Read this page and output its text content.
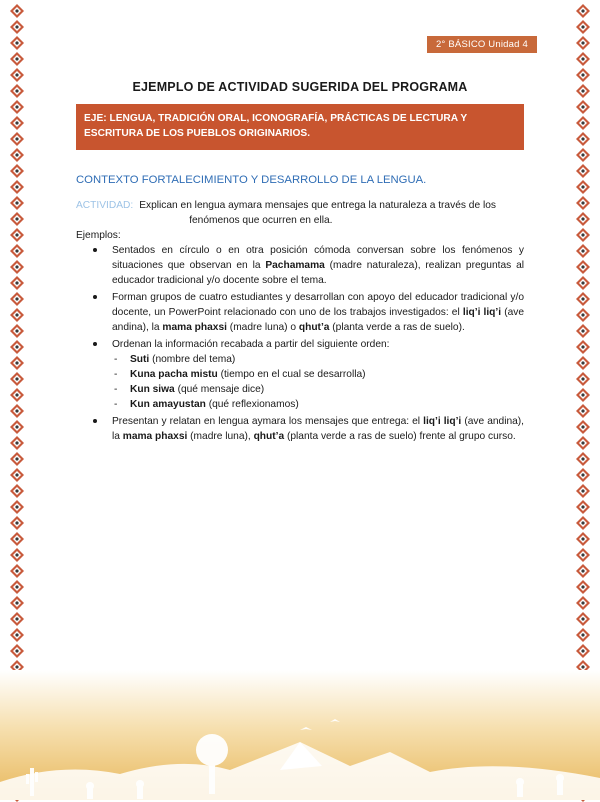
2° BÁSICO Unidad 4
EJEMPLO DE ACTIVIDAD SUGERIDA DEL PROGRAMA
EJE: LENGUA, TRADICIÓN ORAL, ICONOGRAFÍA, PRÁCTICAS DE LECTURA Y ESCRITURA DE LOS PUEBLOS ORIGINARIOS.
CONTEXTO FORTALECIMIENTO Y DESARROLLO DE LA LENGUA.
ACTIVIDAD: Explican en lengua aymara mensajes que entrega la naturaleza a través de los
fenómenos que ocurren en ella.
Ejemplos:
Sentados en círculo o en otra posición cómoda conversan sobre los fenómenos y situaciones que observan en la Pachamama (madre naturaleza), realizan preguntas al educador tradicional y/o docente sobre el tema.
Forman grupos de cuatro estudiantes y desarrollan con apoyo del educador tradicional y/o docente, un PowerPoint relacionado con uno de los trabajos investigados: el liq’i liq’i (ave andina), la mama phaxsi (madre luna) o qhut’a (planta verde a ras de suelo).
Ordenan la información recabada a partir del siguiente orden:
- Suti (nombre del tema)
- Kuna pacha mistu (tiempo en el cual se desarrolla)
- Kun siwa (qué mensaje dice)
- Kun amayustan (qué reflexionamos)
Presentan y relatan en lengua aymara los mensajes que entrega: el liq’i liq’i (ave andina), la mama phaxsi (madre luna), qhut’a (planta verde a ras de suelo) frente al grupo curso.
